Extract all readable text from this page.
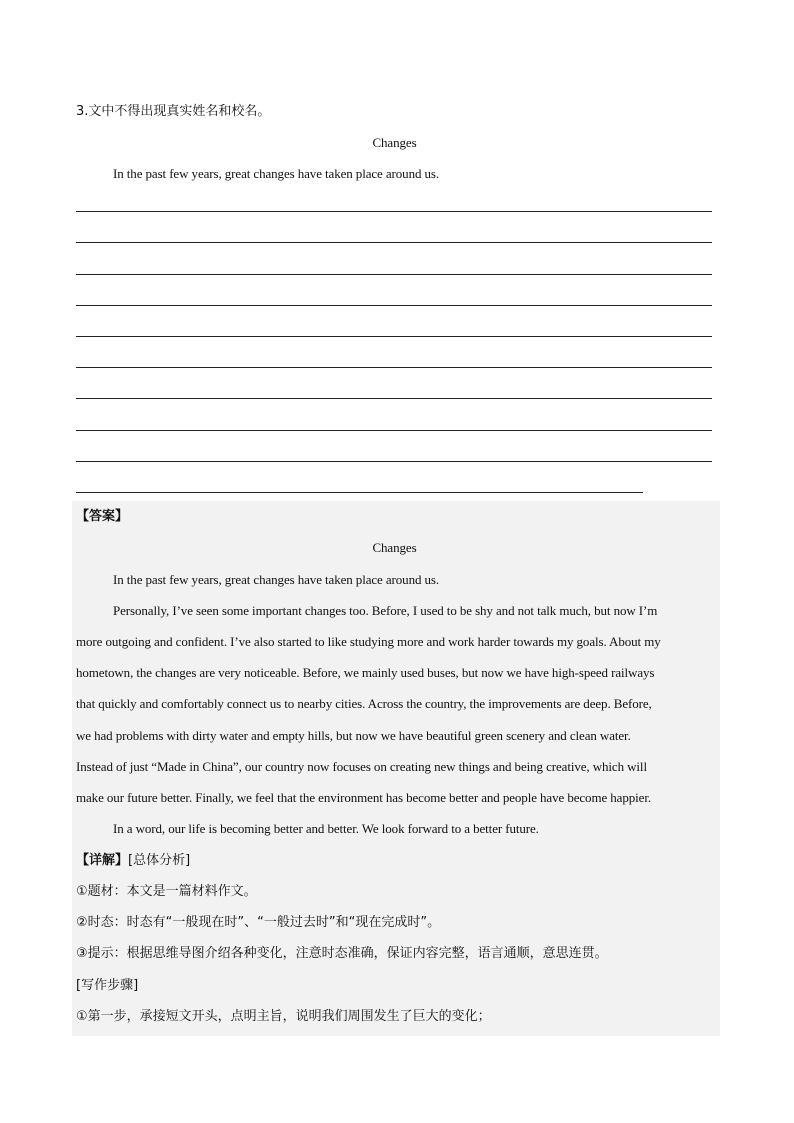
3.文中不得出现真实姓名和校名。
Changes
In the past few years, great changes have taken place around us.
【答案】
Changes
In the past few years, great changes have taken place around us.
Personally, I’ve seen some important changes too. Before, I used to be shy and not talk much, but now I’m
more outgoing and confident. I’ve also started to like studying more and work harder towards my goals. About my
hometown, the changes are very noticeable. Before, we mainly used buses, but now we have high-speed railways
that quickly and comfortably connect us to nearby cities. Across the country, the improvements are deep. Before,
we had problems with dirty water and empty hills, but now we have beautiful green scenery and clean water.
Instead of just “Made in China”, our country now focuses on creating new things and being creative, which will
make our future better. Finally, we feel that the environment has become better and people have become happier.
In a word, our life is becoming better and better. We look forward to a better future.
【详解】[总体分析]
①题材：本文是一篇材料作文。
②时态：时态有“一般现在时”、“一般过去时”和“现在完成时”。
③提示：根据思维导图介绍各种变化，注意时态准确，保证内容完整，语言通顺，意思连贯。
[写作步骤]
①第一步，承接短文开头，点明主旨，说明我们周围发生了巨大的变化；
